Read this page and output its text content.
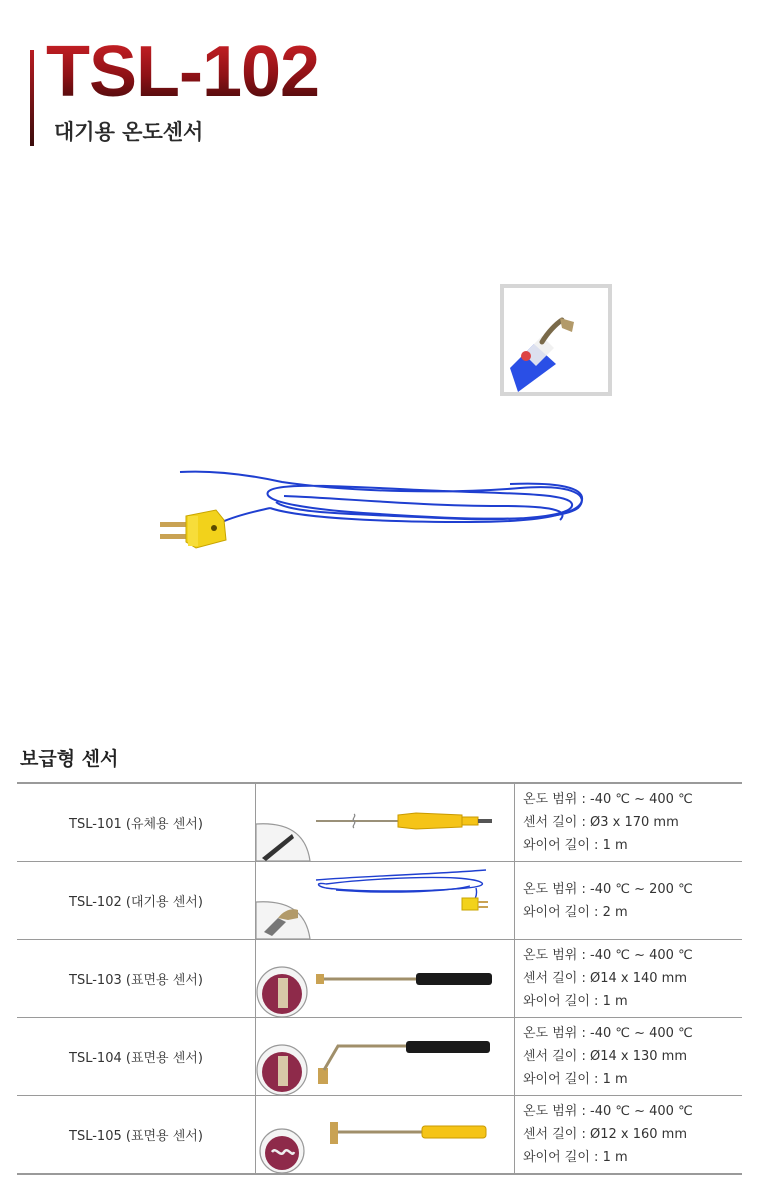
TSL-102
대기용 온도센서
보급형 센서
TSL-101 (유체용 센서)		온도 범위 : -40 ℃ ~ 400 ℃
센서 길이 : Ø3 x 170 mm
와이어 길이 : 1 m

TSL-102 (대기용 센서)		온도 범위 : -40 ℃ ~ 200 ℃
와이어 길이 : 2 m

TSL-103 (표면용 센서)		온도 범위 : -40 ℃ ~ 400 ℃
센서 길이 : Ø14 x 140 mm
와이어 길이 : 1 m

TSL-104 (표면용 센서)		온도 범위 : -40 ℃ ~ 400 ℃
센서 길이 : Ø14 x 130 mm
와이어 길이 : 1 m

TSL-105 (표면용 센서)		온도 범위 : -40 ℃ ~ 400 ℃
센서 길이 : Ø12 x 160 mm
와이어 길이 : 1 m
